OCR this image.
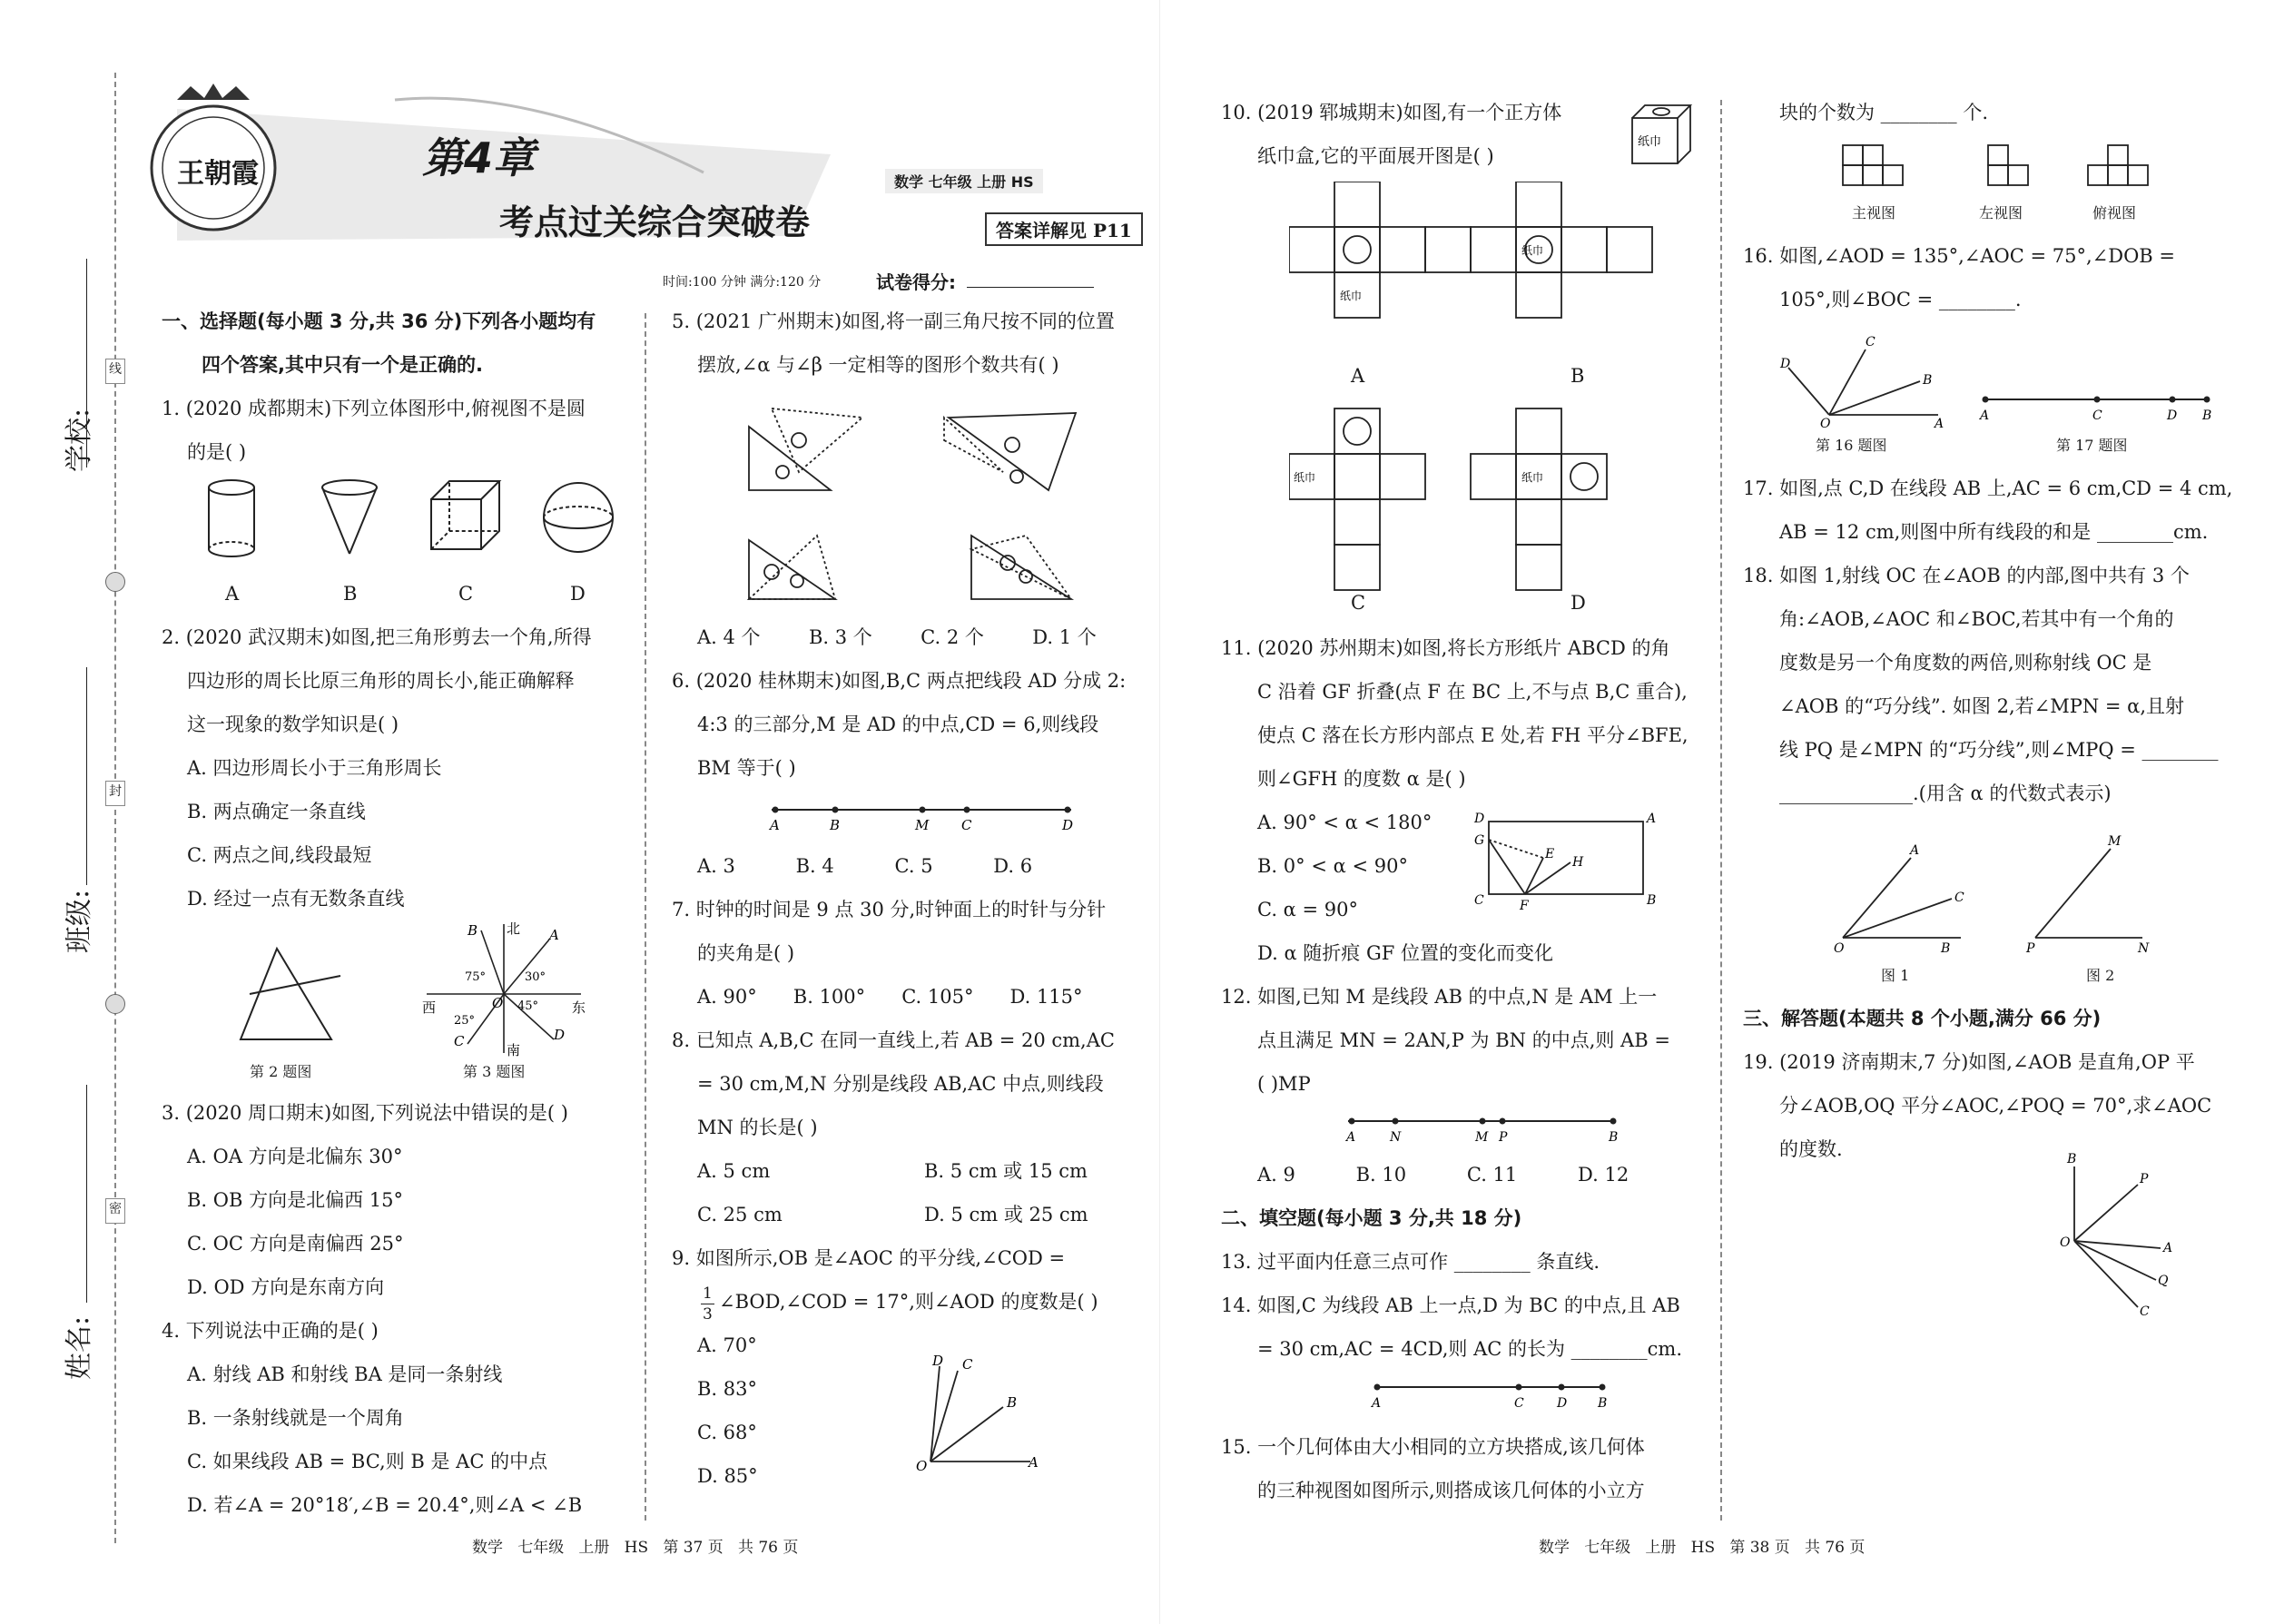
学校:
班级:
姓名:
线
封
密
王朝霞	第4章
考点过关综合突破卷
数学 七年级 上册 HS
答案详解见 P11
时间:100 分钟 满分:120 分	试卷得分:
一、选择题(每小题 3 分,共 36 分)下列各小题均有
四个答案,其中只有一个是正确的.
1. (2020 成都期末)下列立体图形中,俯视图不是圆
的是( )
A	B	C	D
2. (2020 武汉期末)如图,把三角形剪去一个角,所得
四边形的周长比原三角形的周长小,能正确解释
这一现象的数学知识是( )
A. 四边形周长小于三角形周长
B. 两点确定一条直线
C. 两点之间,线段最短
D. 经过一点有无数条直线
第 2 题图
北
南
西	东
B	A
O
C	D
75°	30°
45°
25°
第 3 题图
3. (2020 周口期末)如图,下列说法中错误的是( )
A. OA 方向是北偏东 30°
B. OB 方向是北偏西 15°
C. OC 方向是南偏西 25°
D. OD 方向是东南方向
4. 下列说法中正确的是( )
A. 射线 AB 和射线 BA 是同一条射线
B. 一条射线就是一个周角
C. 如果线段 AB = BC,则 B 是 AC 的中点
D. 若∠A = 20°18′,∠B = 20.4°,则∠A < ∠B
5. (2021 广州期末)如图,将一副三角尺按不同的位置
摆放,∠α 与∠β 一定相等的图形个数共有( )
A. 4 个        B. 3 个        C. 2 个        D. 1 个
6. (2020 桂林期末)如图,B,C 两点把线段 AD 分成 2:
4:3 的三部分,M 是 AD 的中点,CD = 6,则线段
BM 等于( )
A	B	M C	D
A. 3          B. 4          C. 5          D. 6
7. 时钟的时间是 9 点 30 分,时钟面上的时针与分针
的夹角是( )
A. 90°      B. 100°      C. 105°      D. 115°
8. 已知点 A,B,C 在同一直线上,若 AB = 20 cm,AC
= 30 cm,M,N 分别是线段 AB,AC 中点,则线段
MN 的长是( )
A. 5 cm	B. 5 cm 或 15 cm
C. 25 cm	D. 5 cm 或 25 cm
9. 如图所示,OB 是∠AOC 的平分线,∠COD =
$\frac{1}{3}$ ∠BOD,∠COD = 17°,则∠AOD 的度数是( )
A. 70°
B. 83°
C. 68°
D. 85°
D C
B
O	A
10. (2019 郓城期末)如图,有一个正方体
纸巾盒,它的平面展开图是( )
纸巾
纸巾
纸巾
纸巾	纸巾
A	B
C	D
11. (2020 苏州期末)如图,将长方形纸片 ABCD 的角
C 沿着 GF 折叠(点 F 在 BC 上,不与点 B,C 重合),
使点 C 落在长方形内部点 E 处,若 FH 平分∠BFE,
则∠GFH 的度数 α 是( )
A. 90° < α < 180°
B. 0° < α < 90°
C. α = 90°
D. α 随折痕 GF 位置的变化而变化
D
G
C
E
H
F
A
B
12. 如图,已知 M 是线段 AB 的中点,N 是 AM 上一
点且满足 MN = 2AN,P 为 BN 的中点,则 AB =
( )MP
A	N	M P	B
A. 9          B. 10          C. 11          D. 12
二、填空题(每小题 3 分,共 18 分)
13. 过平面内任意三点可作 ________ 条直线.
14. 如图,C 为线段 AB 上一点,D 为 BC 的中点,且 AB
= 30 cm,AC = 4CD,则 AC 的长为 ________cm.
A	C	D B
15. 一个几何体由大小相同的立方块搭成,该几何体
的三种视图如图所示,则搭成该几何体的小立方
块的个数为 ________ 个.
主视图	左视图	俯视图
16. 如图,∠AOD = 135°,∠AOC = 75°,∠DOB =
105°,则∠BOC = ________.
D
C
B
O	A
A	C	D B
第 16 题图	第 17 题图
17. 如图,点 C,D 在线段 AB 上,AC = 6 cm,CD = 4 cm,
AB = 12 cm,则图中所有线段的和是 ________cm.
18. 如图 1,射线 OC 在∠AOB 的内部,图中共有 3 个
角:∠AOB,∠AOC 和∠BOC,若其中有一个角的
度数是另一个角度数的两倍,则称射线 OC 是
∠AOB 的“巧分线”. 如图 2,若∠MPN = α,且射
线 PQ 是∠MPN 的“巧分线”,则∠MPQ = ________
______________.(用含 α 的代数式表示)
A
C
O	B
M
P	N
图 1	图 2
三、解答题(本题共 8 个小题,满分 66 分)
19. (2019 济南期末,7 分)如图,∠AOB 是直角,OP 平
分∠AOB,OQ 平分∠AOC,∠POQ = 70°,求∠AOC
的度数.	B
P
O	A
Q
C
数学   七年级   上册   HS   第 37 页   共 76 页	数学   七年级   上册   HS   第 38 页   共 76 页
